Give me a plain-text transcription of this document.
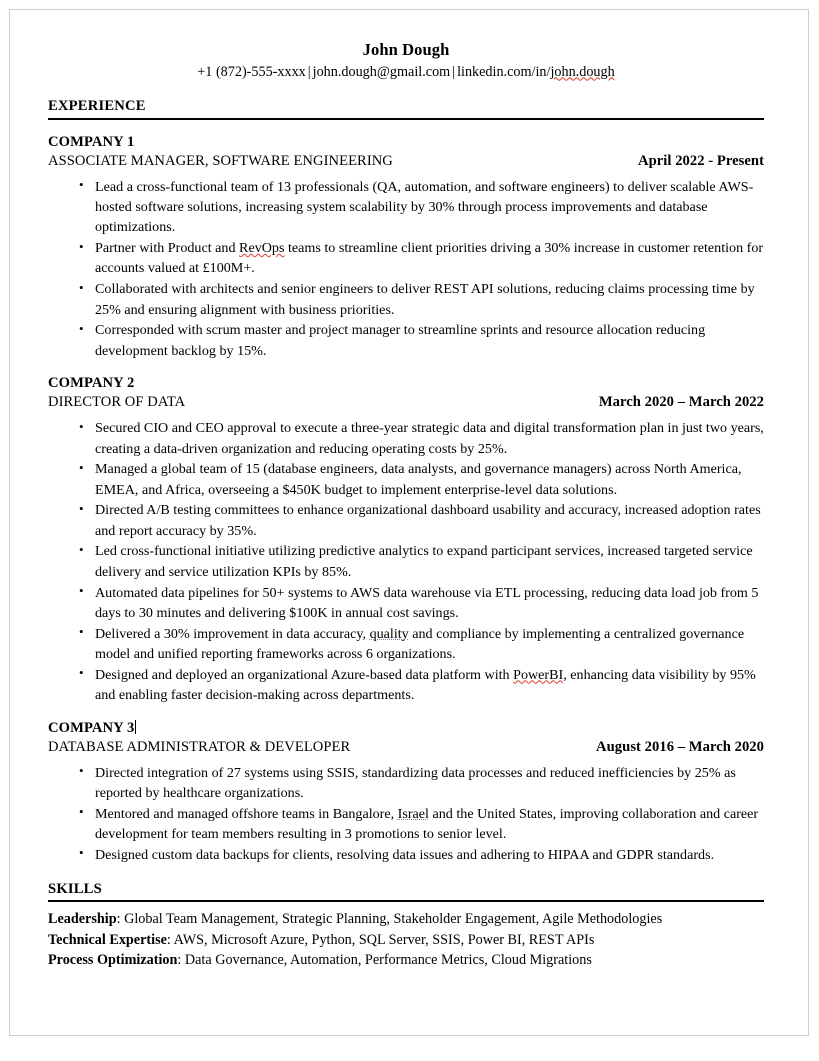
John Dough
+1 (872)-555-xxxx | john.dough@gmail.com | linkedin.com/in/john.dough
EXPERIENCE
COMPANY 1
ASSOCIATE MANAGER, SOFTWARE ENGINEERING	April 2022 - Present
• Lead a cross-functional team of 13 professionals (QA, automation, and software engineers) to deliver scalable AWS-hosted software solutions, increasing system scalability by 30% through process improvements and database optimizations.
• Partner with Product and RevOps teams to streamline client priorities driving a 30% increase in customer retention for accounts valued at £100M+.
• Collaborated with architects and senior engineers to deliver REST API solutions, reducing claims processing time by 25% and ensuring alignment with business priorities.
• Corresponded with scrum master and project manager to streamline sprints and resource allocation reducing development backlog by 15%.
COMPANY 2
DIRECTOR OF DATA	March 2020 – March 2022
• Secured CIO and CEO approval to execute a three-year strategic data and digital transformation plan in just two years, creating a data-driven organization and reducing operating costs by 25%.
• Managed a global team of 15 (database engineers, data analysts, and governance managers) across North America, EMEA, and Africa, overseeing a $450K budget to implement enterprise-level data solutions.
• Directed A/B testing committees to enhance organizational dashboard usability and accuracy, increased adoption rates and report accuracy by 35%.
• Led cross-functional initiative utilizing predictive analytics to expand participant services, increased targeted service delivery and service utilization KPIs by 85%.
• Automated data pipelines for 50+ systems to AWS data warehouse via ETL processing, reducing data load job from 5 days to 30 minutes and delivering $100K in annual cost savings.
• Delivered a 30% improvement in data accuracy, quality and compliance by implementing a centralized governance model and unified reporting frameworks across 6 organizations.
• Designed and deployed an organizational Azure-based data platform with PowerBI, enhancing data visibility by 95% and enabling faster decision-making across departments.
COMPANY 3
DATABASE ADMINISTRATOR & DEVELOPER	August 2016 – March 2020
• Directed integration of 27 systems using SSIS, standardizing data processes and reduced inefficiencies by 25% as reported by healthcare organizations.
• Mentored and managed offshore teams in Bangalore, Israel and the United States, improving collaboration and career development for team members resulting in 3 promotions to senior level.
• Designed custom data backups for clients, resolving data issues and adhering to HIPAA and GDPR standards.
SKILLS
Leadership: Global Team Management, Strategic Planning, Stakeholder Engagement, Agile Methodologies
Technical Expertise: AWS, Microsoft Azure, Python, SQL Server, SSIS, Power BI, REST APIs
Process Optimization: Data Governance, Automation, Performance Metrics, Cloud Migrations
